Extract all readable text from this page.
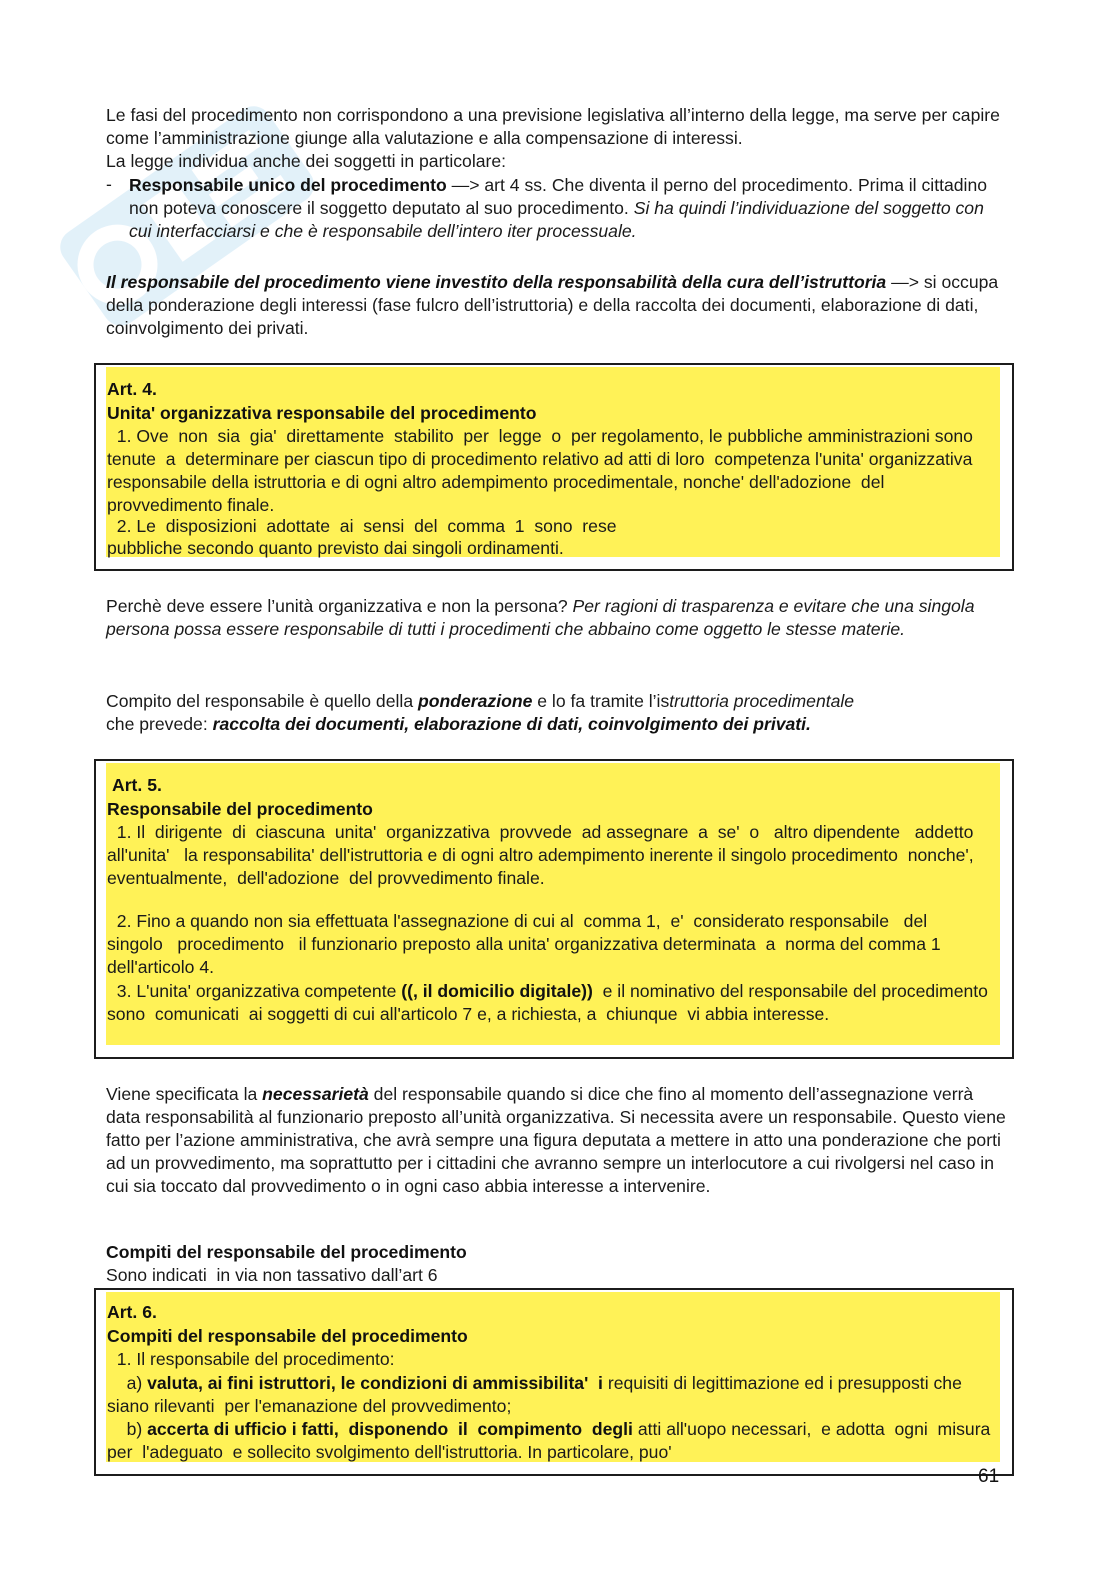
Le fasi del procedimento non corrispondono a una previsione legislativa all’interno della legge, ma serve per capire come l’amministrazione giunge alla valutazione e alla compensazione di interessi.
La legge individua anche dei soggetti in particolare:
- Responsabile unico del procedimento —> art 4 ss. Che diventa il perno del procedimento. Prima il cittadino non poteva conoscere il soggetto deputato al suo procedimento. Si ha quindi l’individuazione del soggetto con cui interfacciarsi e che è responsabile dell’intero iter processuale.
Il responsabile del procedimento viene investito della responsabilità della cura dell’istruttoria —> si occupa della ponderazione degli interessi (fase fulcro dell’istruttoria) e della raccolta dei documenti, elaborazione di dati, coinvolgimento dei privati.
Art. 4.
Unita' organizzativa responsabile del procedimento
1. Ove  non  sia  gia'  direttamente  stabilito  per  legge  o  per regolamento, le pubbliche amministrazioni sono tenute  a  determinare per ciascun tipo di procedimento relativo ad atti di loro  competenza l'unita' organizzativa responsabile della istruttoria e di ogni altro adempimento procedimentale, nonche' dell'adozione  del  provvedimento finale.
2. Le  disposizioni  adottate  ai  sensi  del  comma  1  sono  rese
pubbliche secondo quanto previsto dai singoli ordinamenti.
Perchè deve essere l’unità organizzativa e non la persona? Per ragioni di trasparenza e evitare che una singola persona possa essere responsabile di tutti i procedimenti che abbaino come oggetto le stesse materie.
Compito del responsabile è quello della ponderazione e lo fa tramite l’istruttoria procedimentale
che prevede: raccolta dei documenti, elaborazione di dati, coinvolgimento dei privati.
Art. 5.
Responsabile del procedimento
1. Il  dirigente  di  ciascuna  unita'  organizzativa  provvede  ad assegnare  a  se'  o   altro dipendente   addetto   all'unita'   la responsabilita' dell'istruttoria e di ogni altro adempimento inerente il singolo procedimento  nonche',  eventualmente,  dell'adozione  del provvedimento finale.
2. Fino a quando non sia effettuata l'assegnazione di cui al  comma 1,  e'  considerato responsabile   del   singolo   procedimento   il funzionario preposto alla unita' organizzativa determinata  a  norma del comma 1 dell'articolo 4.
3. L'unita' organizzativa competente ((, il domicilio digitale))  e il nominativo del responsabile del procedimento  sono  comunicati  ai soggetti di cui all'articolo 7 e, a richiesta, a  chiunque  vi abbia interesse.
Viene specificata la necessarietà del responsabile quando si dice che fino al momento dell’assegnazione verrà data responsabilità al funzionario preposto all’unità organizzativa. Si necessita avere un responsabile. Questo viene fatto per l’azione amministrativa, che avrà sempre una figura deputata a mettere in atto una ponderazione che porti ad un provvedimento, ma soprattutto per i cittadini che avranno sempre un interlocutore a cui rivolgersi nel caso in cui sia toccato dal provvedimento o in ogni caso abbia interesse a intervenire.
Compiti del responsabile del procedimento
Sono indicati  in via non tassativo dall’art 6
Art. 6.
Compiti del responsabile del procedimento
1. Il responsabile del procedimento:
a) valuta, ai fini istruttori, le condizioni di ammissibilita'  i requisiti di legittimazione ed i presupposti che siano rilevanti  per l'emanazione del provvedimento;
b) accerta di ufficio i fatti,  disponendo  il  compimento  degli atti all'uopo necessari,  e adotta  ogni  misura  per  l'adeguato  e sollecito svolgimento dell'istruttoria. In particolare, puo'
61
